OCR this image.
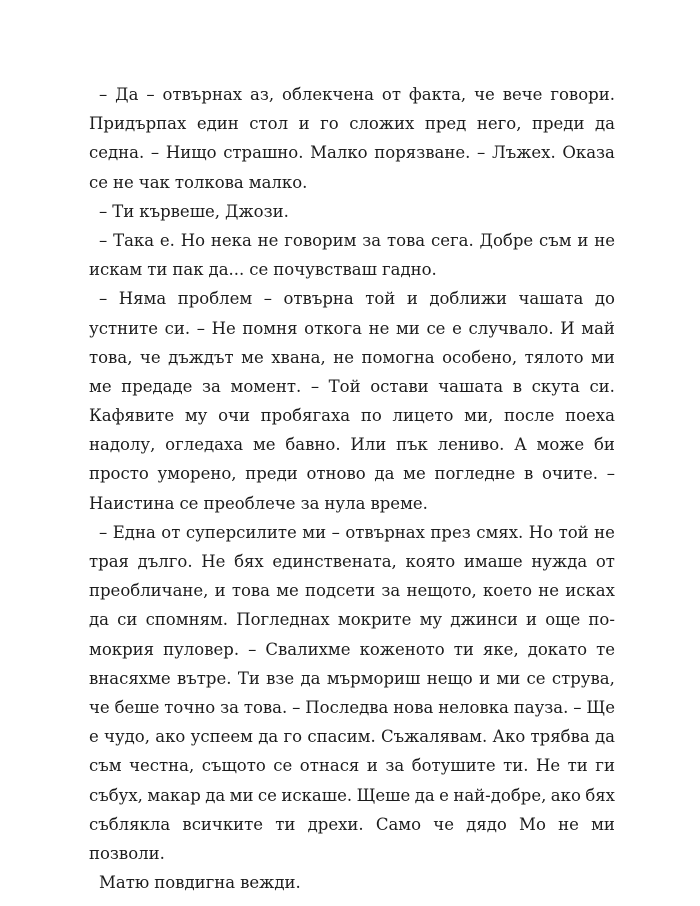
– Да – отвърнах аз, облекчена от факта, че вече говори.
Придърпах един стол и го сложих пред него, преди да
седна. – Нищо страшно. Малко порязване. – Лъжех. Оказа
се не чак толкова малко.
– Ти кървеше, Джози.
– Така е. Но нека не говорим за това сега. Добре съм и не
искам ти пак да... се почувстваш гадно.
– Няма проблем – отвърна той и доближи чашата до
устните си. – Не помня откога не ми се е случвало. И май
това, че дъждът ме хвана, не помогна особено, тялото ми
ме предаде за момент. – Той остави чашата в скута си.
Кафявите му очи пробягаха по лицето ми, после поеха
надолу, огледаха ме бавно. Или пък лениво. А може би
просто уморено, преди отново да ме погледне в очите. –
Наистина се преоблече за нула време.
– Една от суперсилите ми – отвърнах през смях. Но той не
трая дълго. Не бях единствената, която имаше нужда от
преобличане, и това ме подсети за нещото, което не исках
да си спомням. Погледнах мокрите му джинси и още по-
мокрия пуловер. – Свалихме коженото ти яке, докато те
внасяхме вътре. Ти взе да мърмориш нещо и ми се струва,
че беше точно за това. – Последва нова неловка пауза. – Ще
е чудо, ако успеем да го спасим. Съжалявам. Ако трябва да
съм честна, същото се отнася и за ботушите ти. Не ти ги
събух, макар да ми се искаше. Щеше да е най-добре, ако бях
съблякла всичките ти дрехи. Само че дядо Мо не ми
позволи.
Матю повдигна вежди.
